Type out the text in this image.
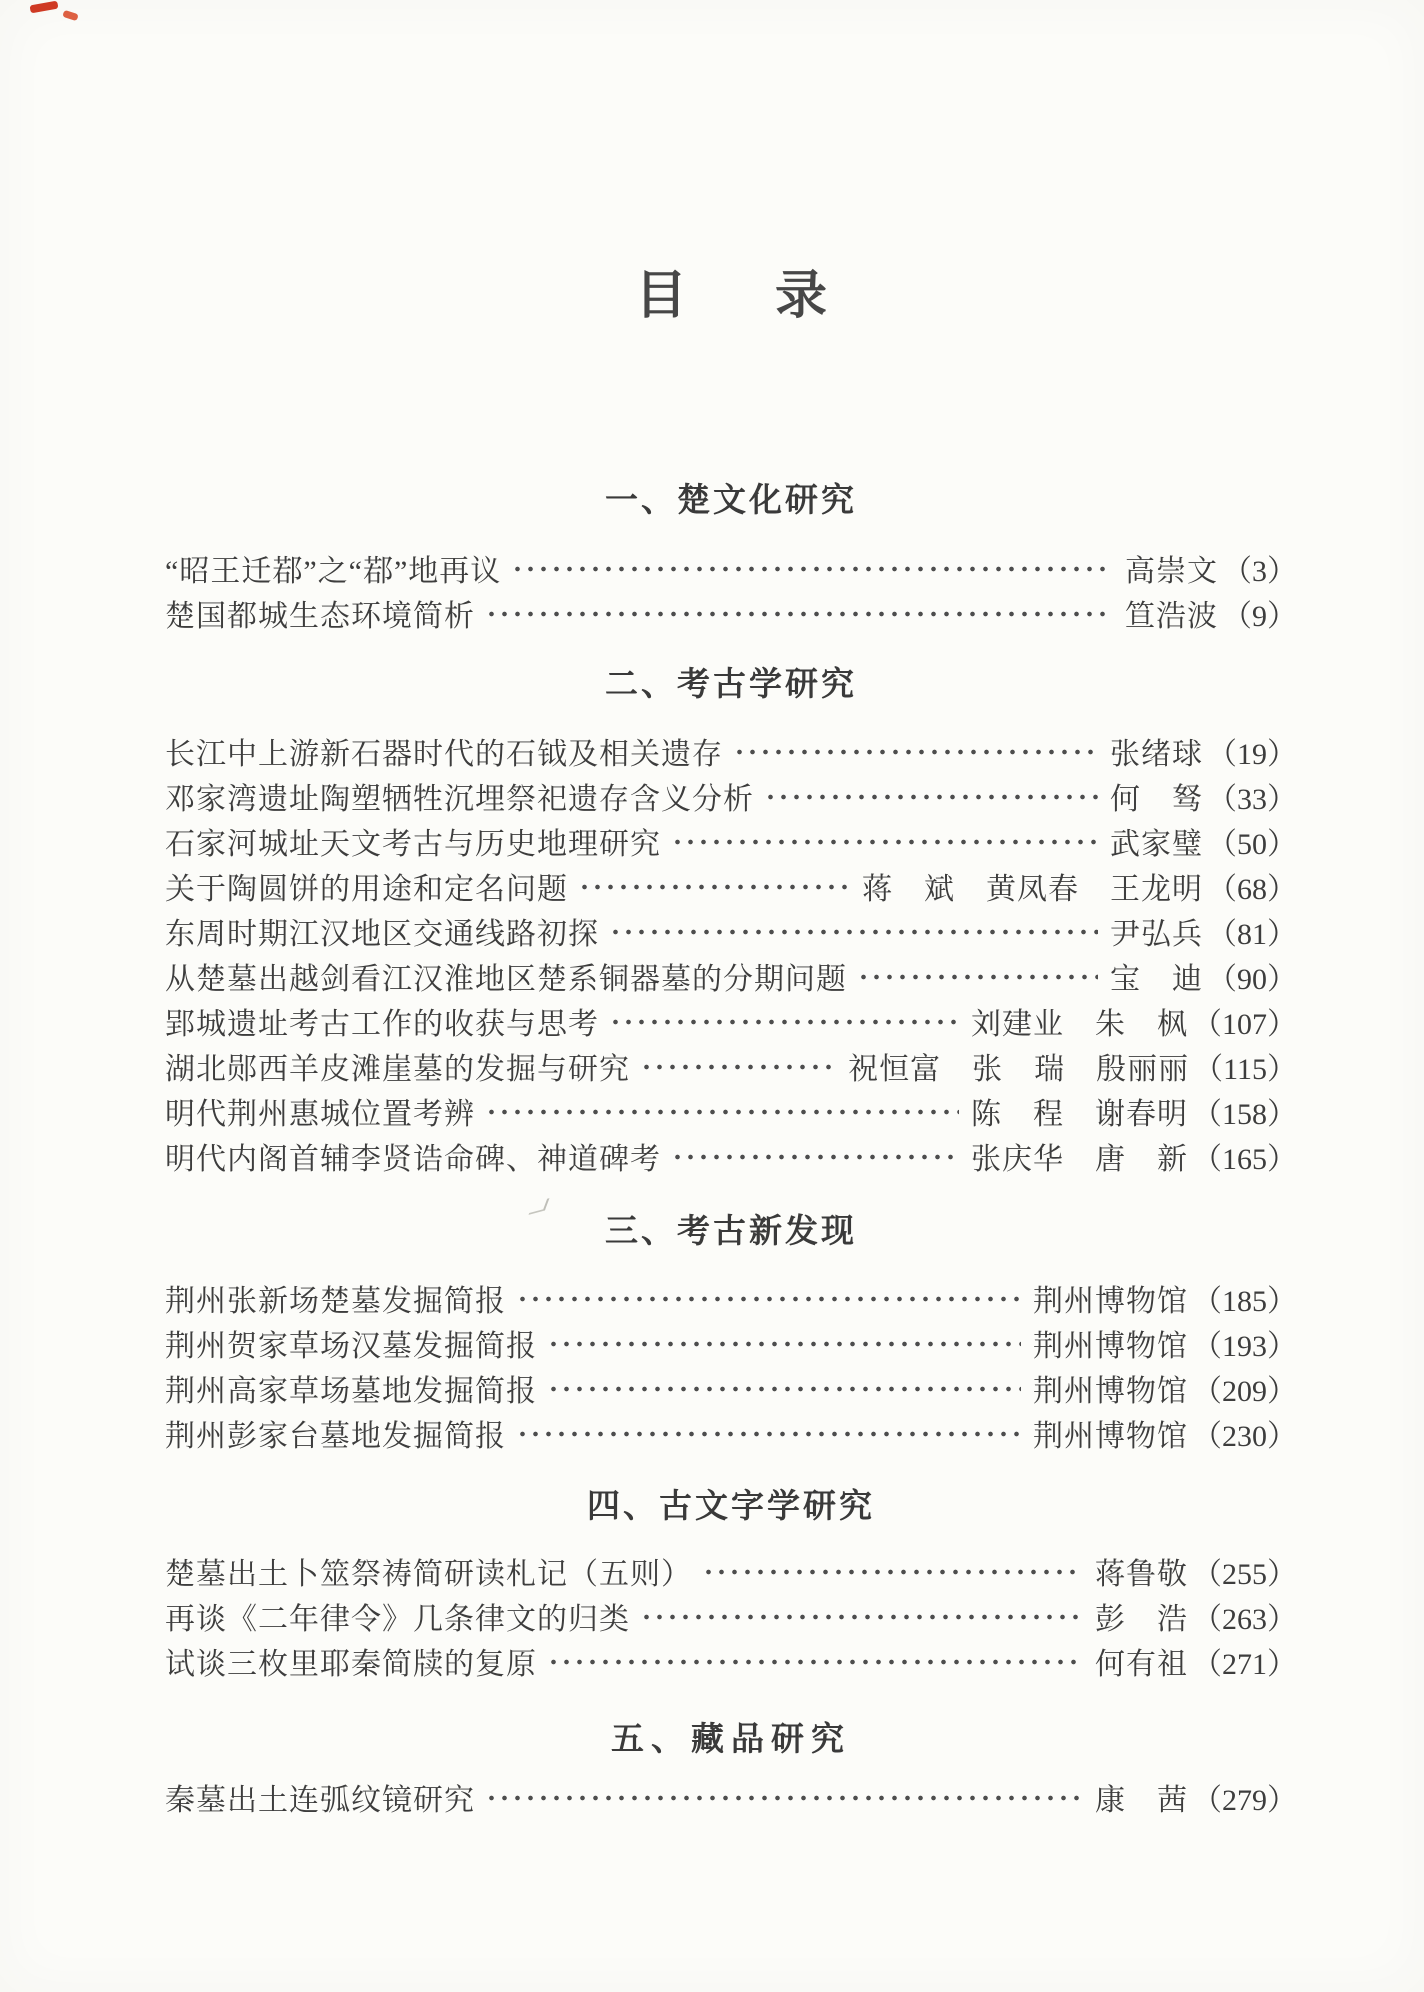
目 录
一、楚文化研究
“昭王迁鄀”之“鄀”地再议	高崇文 （3）
楚国都城生态环境简析	笪浩波 （9）
二、考古学研究
长江中上游新石器时代的石钺及相关遗存	张绪球 （19）
邓家湾遗址陶塑牺牲沉埋祭祀遗存含义分析	何　驽 （33）
石家河城址天文考古与历史地理研究	武家璧 （50）
关于陶圆饼的用途和定名问题	蒋　斌　黄凤春　王龙明 （68）
东周时期江汉地区交通线路初探	尹弘兵 （81）
从楚墓出越剑看江汉淮地区楚系铜器墓的分期问题	宝　迪 （90）
郢城遗址考古工作的收获与思考	刘建业　朱　枫 （107）
湖北郧西羊皮滩崖墓的发掘与研究	祝恒富　张　瑞　殷丽丽 （115）
明代荆州惠城位置考辨	陈　程　谢春明 （158）
明代内阁首辅李贤诰命碑、神道碑考	张庆华　唐　新 （165）
三、考古新发现
荆州张新场楚墓发掘简报	荆州博物馆 （185）
荆州贺家草场汉墓发掘简报	荆州博物馆 （193）
荆州高家草场墓地发掘简报	荆州博物馆 （209）
荆州彭家台墓地发掘简报	荆州博物馆 （230）
四、古文字学研究
楚墓出土卜筮祭祷简研读札记（五则）	蒋鲁敬 （255）
再谈《二年律令》几条律文的归类	彭　浩 （263）
试谈三枚里耶秦简牍的复原	何有祖 （271）
五、藏品研究
秦墓出土连弧纹镜研究	康　茜 （279）
